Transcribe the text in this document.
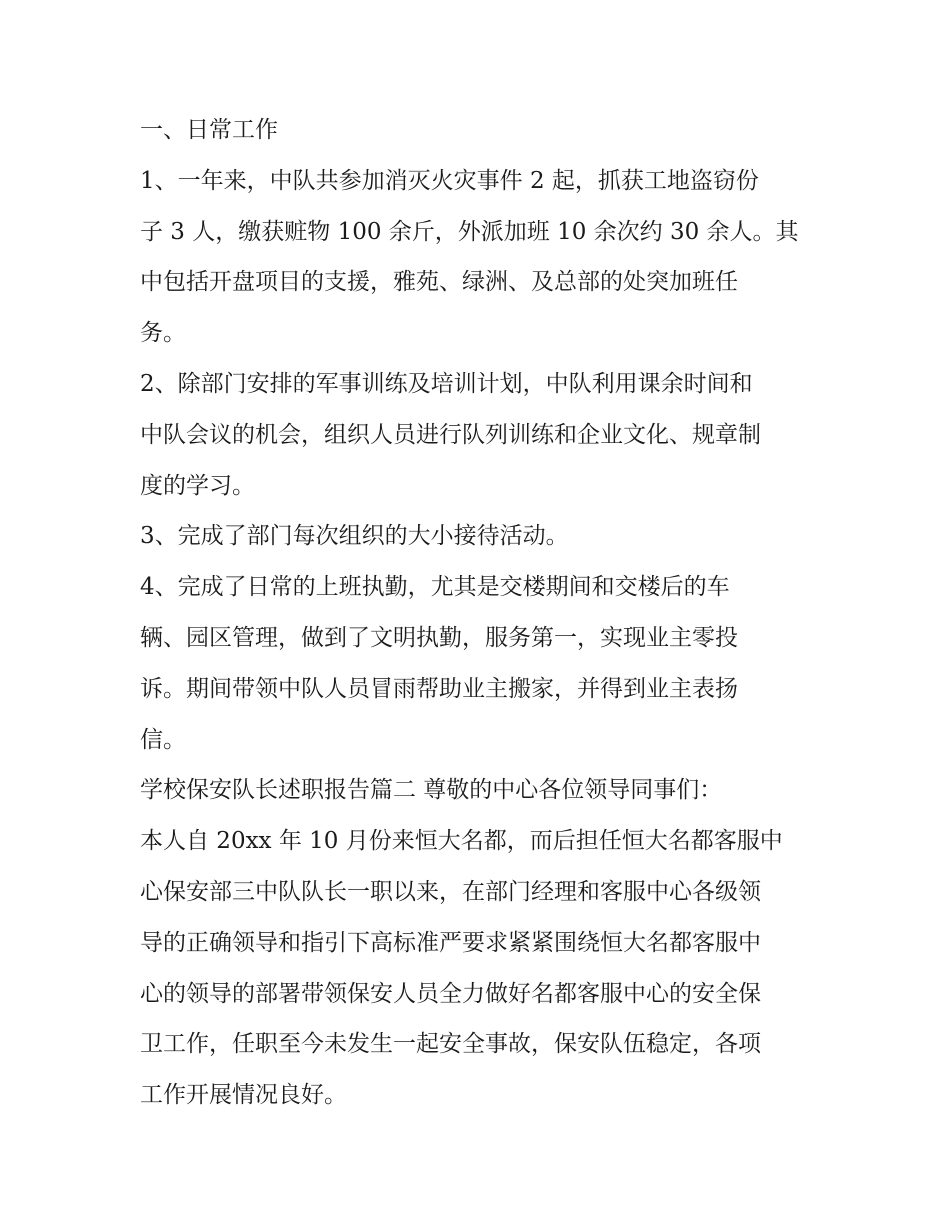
一、日常工作
1、一年来，中队共参加消灭火灾事件 2 起，抓获工地盗窃份
子 3 人，缴获赃物 100 余斤，外派加班 10 余次约 30 余人。其
中包括开盘项目的支援，雅苑、绿洲、及总部的处突加班任
务。
2、除部门安排的军事训练及培训计划，中队利用课余时间和
中队会议的机会，组织人员进行队列训练和企业文化、规章制
度的学习。
3、完成了部门每次组织的大小接待活动。
4、完成了日常的上班执勤，尤其是交楼期间和交楼后的车
辆、园区管理，做到了文明执勤，服务第一，实现业主零投
诉。期间带领中队人员冒雨帮助业主搬家，并得到业主表扬
信。
学校保安队长述职报告篇二 尊敬的中心各位领导同事们：
本人自 20xx 年 10 月份来恒大名都，而后担任恒大名都客服中
心保安部三中队队长一职以来，在部门经理和客服中心各级领
导的正确领导和指引下高标准严要求紧紧围绕恒大名都客服中
心的领导的部署带领保安人员全力做好名都客服中心的安全保
卫工作，任职至今未发生一起安全事故，保安队伍稳定，各项
工作开展情况良好。
